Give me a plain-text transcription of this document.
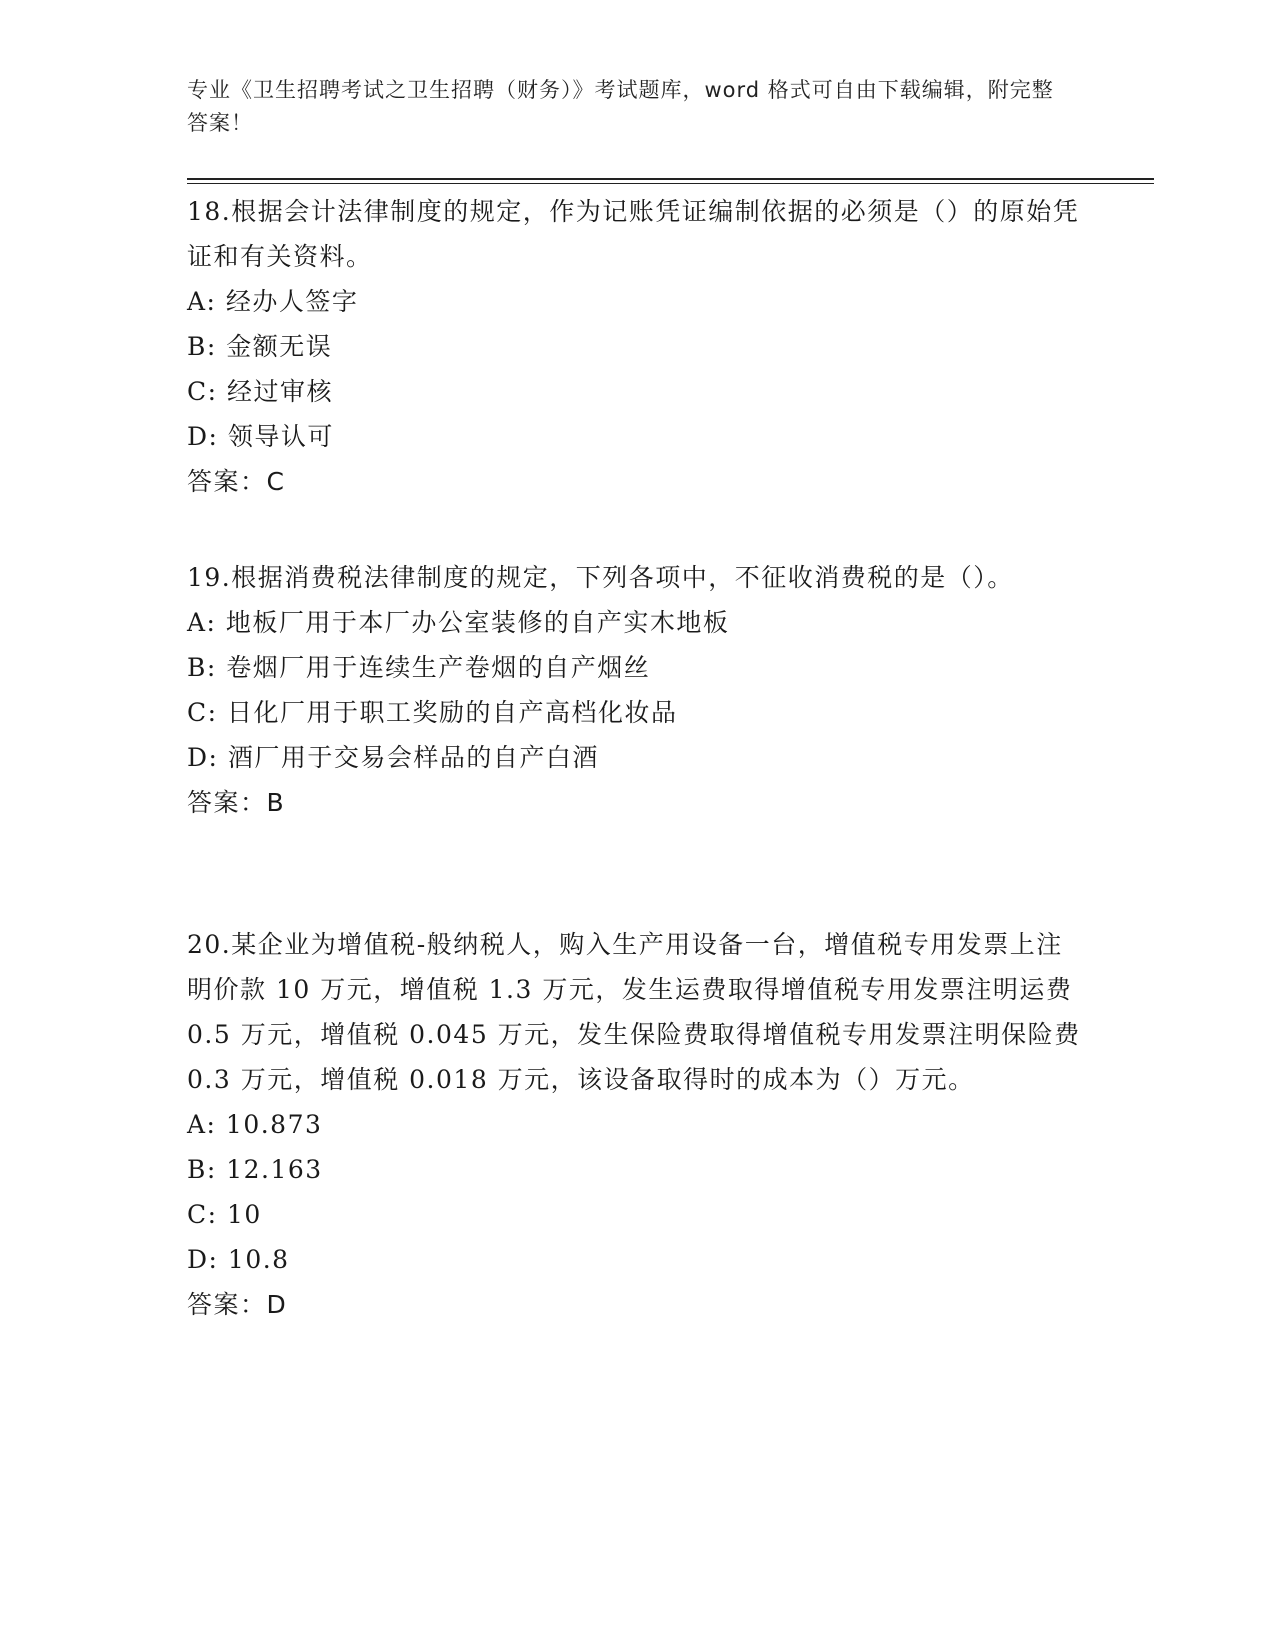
专业《卫生招聘考试之卫生招聘（财务）》考试题库，word 格式可自由下载编辑，附完整答案！

18.根据会计法律制度的规定，作为记账凭证编制依据的必须是（）的原始凭证和有关资料。

A: 经办人签字

B: 金额无误

C: 经过审核

D: 领导认可

答案：C

19.根据消费税法律制度的规定，下列各项中，不征收消费税的是（）。

A: 地板厂用于本厂办公室装修的自产实木地板

B: 卷烟厂用于连续生产卷烟的自产烟丝

C: 日化厂用于职工奖励的自产高档化妆品

D: 酒厂用于交易会样品的自产白酒

答案：B

20.某企业为增值税-般纳税人，购入生产用设备一台，增值税专用发票上注明价款 10 万元，增值税 1.3 万元，发生运费取得增值税专用发票注明运费 0.5 万元，增值税 0.045 万元，发生保险费取得增值税专用发票注明保险费 0.3 万元，增值税 0.018 万元，该设备取得时的成本为（）万元。

A: 10.873

B: 12.163

C: 10

D: 10.8

答案：D
